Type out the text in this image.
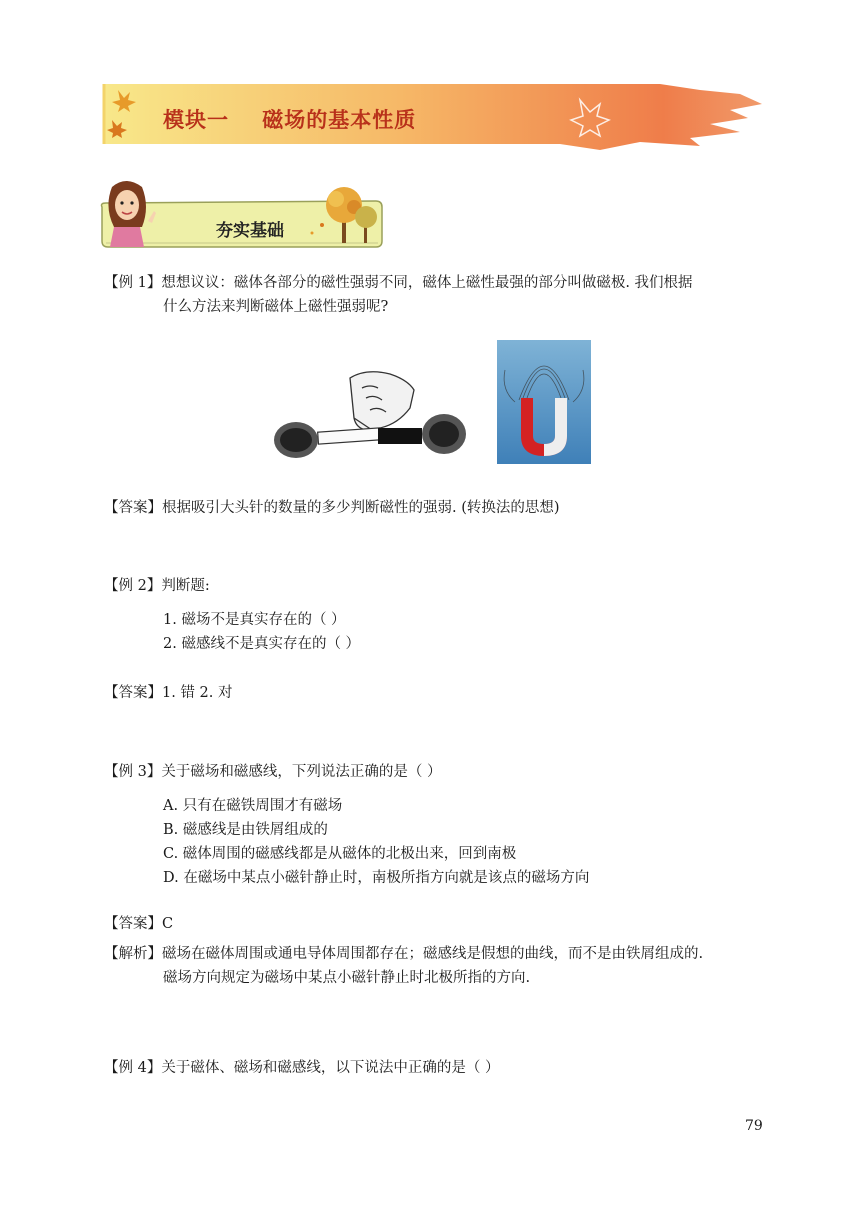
模块一    磁场的基本性质
夯实基础
【例 1】想想议议：磁体各部分的磁性强弱不同，磁体上磁性最强的部分叫做磁极. 我们根据
什么方法来判断磁体上磁性强弱呢?
【答案】根据吸引大头针的数量的多少判断磁性的强弱. (转换法的思想)
【例 2】判断题:
1. 磁场不是真实存在的（ ）
2. 磁感线不是真实存在的（ ）
【答案】1. 错 2. 对
【例 3】关于磁场和磁感线，下列说法正确的是（ ）
A. 只有在磁铁周围才有磁场
B. 磁感线是由铁屑组成的
C. 磁体周围的磁感线都是从磁体的北极出来，回到南极
D. 在磁场中某点小磁针静止时，南极所指方向就是该点的磁场方向
【答案】C
【解析】磁场在磁体周围或通电导体周围都存在；磁感线是假想的曲线，而不是由铁屑组成的.
磁场方向规定为磁场中某点小磁针静止时北极所指的方向.
【例 4】关于磁体、磁场和磁感线，以下说法中正确的是（ ）
79
